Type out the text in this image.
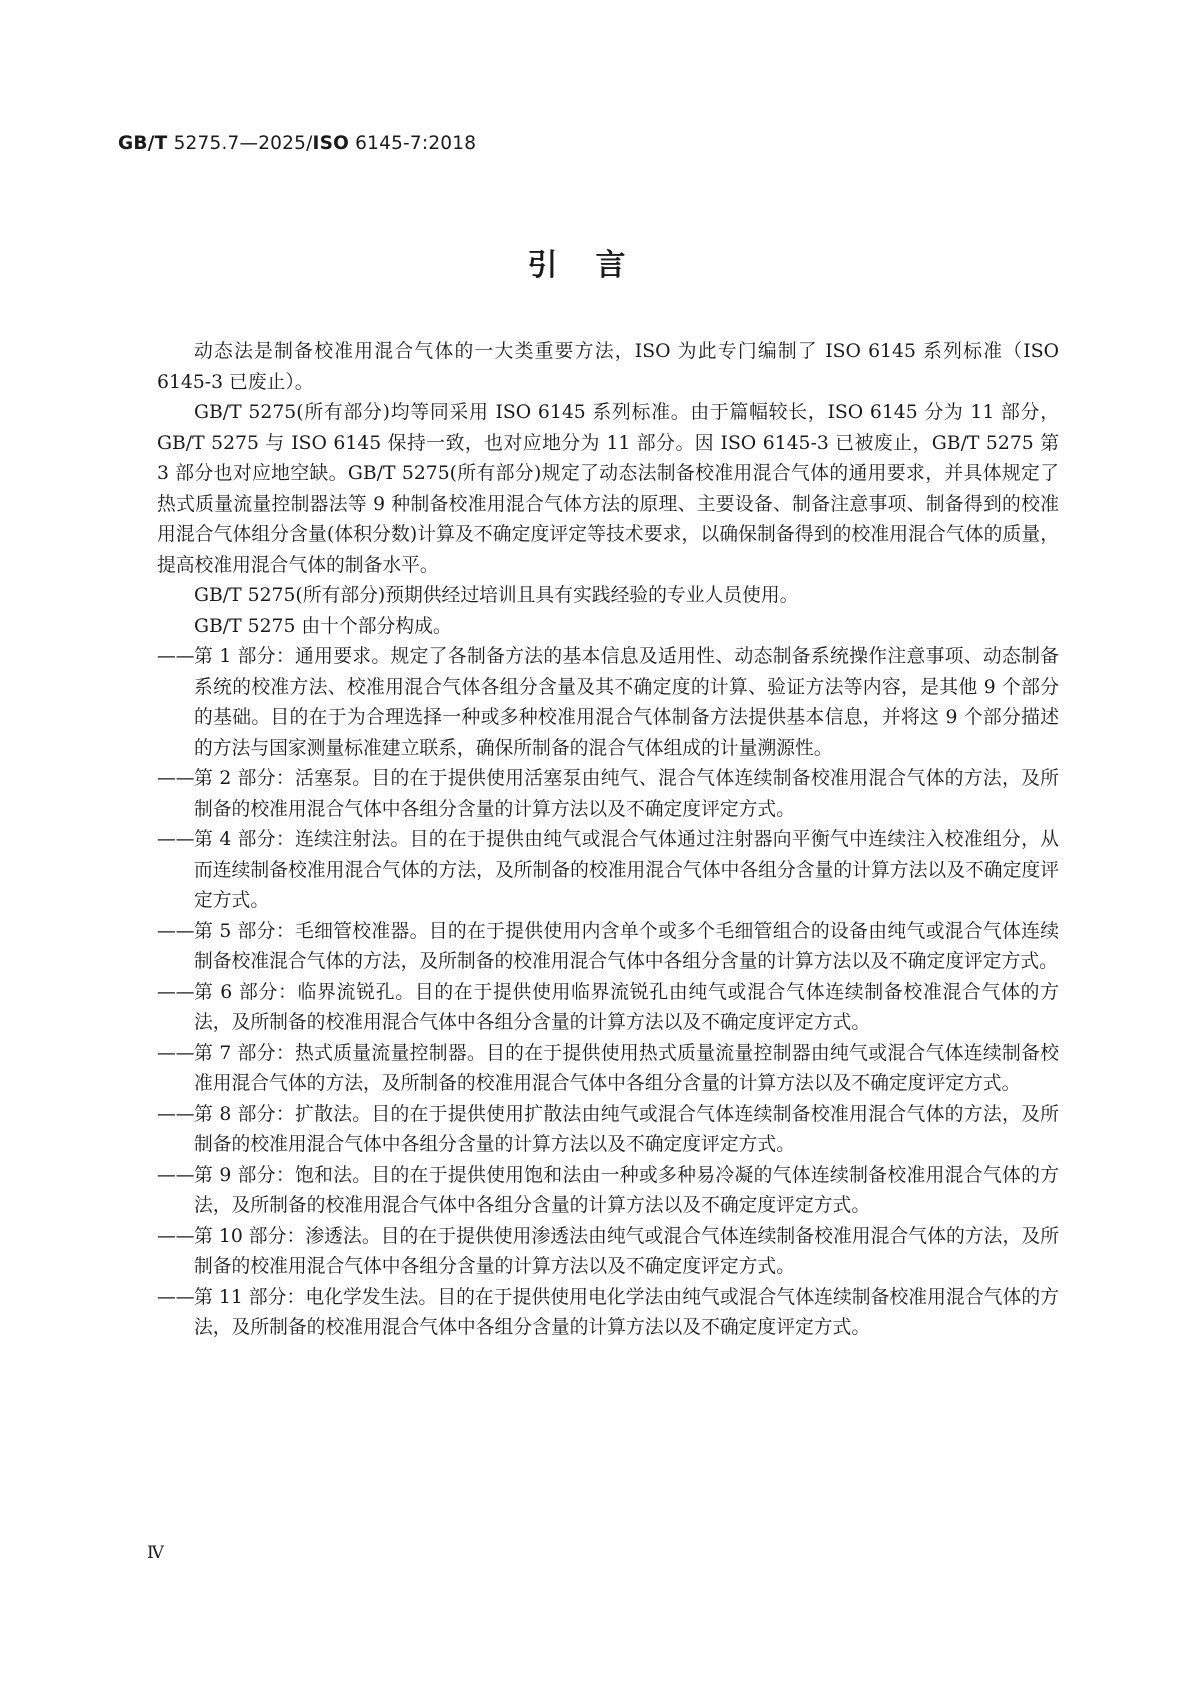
GB/T 5275.7—2025/ISO 6145-7:2018
引言

动态法是制备校准用混合气体的一大类重要方法，ISO 为此专门编制了 ISO 6145 系列标准（ISO 6145-3 已废止）。

GB/T 5275(所有部分)均等同采用 ISO 6145 系列标准。由于篇幅较长，ISO 6145 分为 11 部分，GB/T 5275 与 ISO 6145 保持一致，也对应地分为 11 部分。因 ISO 6145-3 已被废止，GB/T 5275 第 3 部分也对应地空缺。GB/T 5275(所有部分)规定了动态法制备校准用混合气体的通用要求，并具体规定了热式质量流量控制器法等 9 种制备校准用混合气体方法的原理、主要设备、制备注意事项、制备得到的校准用混合气体组分含量(体积分数)计算及不确定度评定等技术要求，以确保制备得到的校准用混合气体的质量，提高校准用混合气体的制备水平。

GB/T 5275(所有部分)预期供经过培训且具有实践经验的专业人员使用。

GB/T 5275 由十个部分构成。

—— 第 1 部分：通用要求。规定了各制备方法的基本信息及适用性、动态制备系统操作注意事项、动态制备系统的校准方法、校准用混合气体各组分含量及其不确定度的计算、验证方法等内容，是其他 9 个部分的基础。目的在于为合理选择一种或多种校准用混合气体制备方法提供基本信息，并将这 9 个部分描述的方法与国家测量标准建立联系，确保所制备的混合气体组成的计量溯源性。
—— 第 2 部分：活塞泵。目的在于提供使用活塞泵由纯气、混合气体连续制备校准用混合气体的方法，及所制备的校准用混合气体中各组分含量的计算方法以及不确定度评定方式。
—— 第 4 部分：连续注射法。目的在于提供由纯气或混合气体通过注射器向平衡气中连续注入校准组分，从而连续制备校准用混合气体的方法，及所制备的校准用混合气体中各组分含量的计算方法以及不确定度评定方式。
—— 第 5 部分：毛细管校准器。目的在于提供使用内含单个或多个毛细管组合的设备由纯气或混合气体连续制备校准混合气体的方法，及所制备的校准用混合气体中各组分含量的计算方法以及不确定度评定方式。
—— 第 6 部分：临界流锐孔。目的在于提供使用临界流锐孔由纯气或混合气体连续制备校准混合气体的方法，及所制备的校准用混合气体中各组分含量的计算方法以及不确定度评定方式。
—— 第 7 部分：热式质量流量控制器。目的在于提供使用热式质量流量控制器由纯气或混合气体连续制备校准用混合气体的方法，及所制备的校准用混合气体中各组分含量的计算方法以及不确定度评定方式。
—— 第 8 部分：扩散法。目的在于提供使用扩散法由纯气或混合气体连续制备校准用混合气体的方法，及所制备的校准用混合气体中各组分含量的计算方法以及不确定度评定方式。
—— 第 9 部分：饱和法。目的在于提供使用饱和法由一种或多种易冷凝的气体连续制备校准用混合气体的方法，及所制备的校准用混合气体中各组分含量的计算方法以及不确定度评定方式。
—— 第 10 部分：渗透法。目的在于提供使用渗透法由纯气或混合气体连续制备校准用混合气体的方法，及所制备的校准用混合气体中各组分含量的计算方法以及不确定度评定方式。
—— 第 11 部分：电化学发生法。目的在于提供使用电化学法由纯气或混合气体连续制备校准用混合气体的方法，及所制备的校准用混合气体中各组分含量的计算方法以及不确定度评定方式。
Ⅳ
